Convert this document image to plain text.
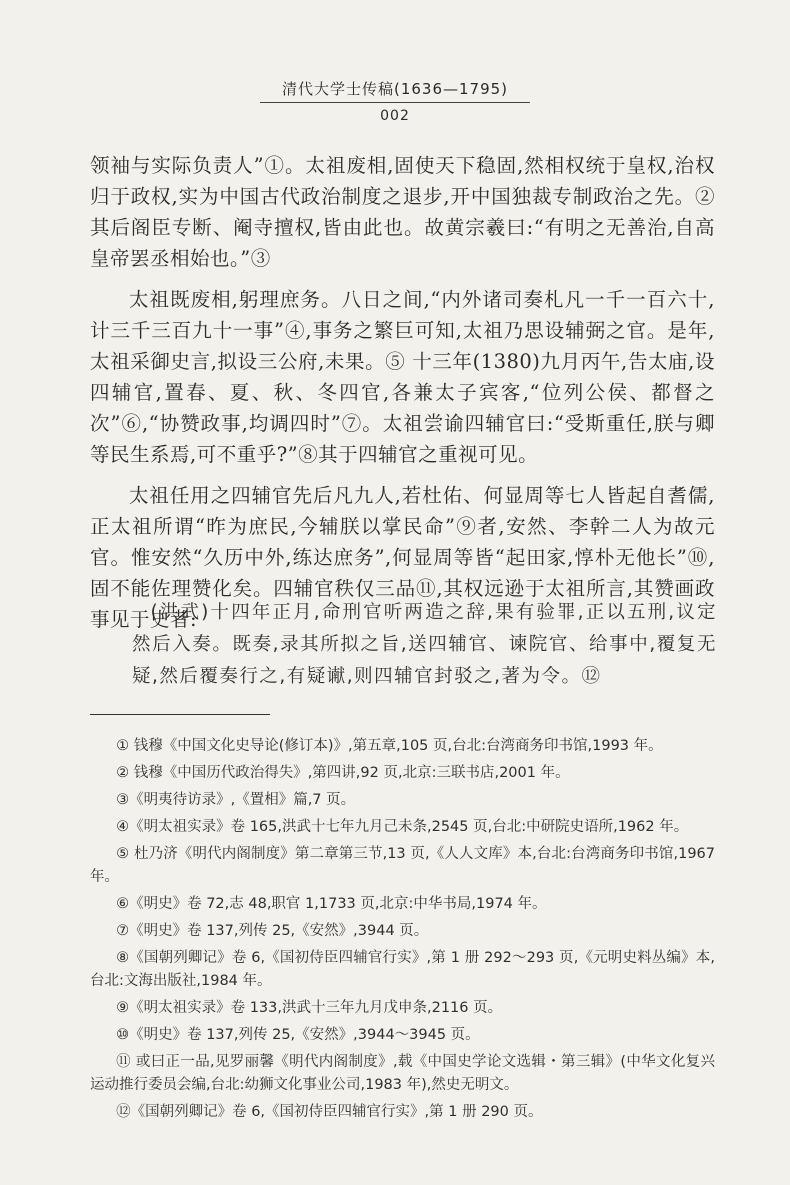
清代大学士传稿(1636—1795)
002

领袖与实际负责人”①。太祖废相,固使天下稳固,然相权统于皇权,治权归于政权,实为中国古代政治制度之退步,开中国独裁专制政治之先。② 其后阁臣专断、阉寺擅权,皆由此也。故黄宗羲曰:“有明之无善治,自高皇帝罢丞相始也。”③

太祖既废相,躬理庶务。八日之间,“内外诸司奏札凡一千一百六十,计三千三百九十一事”④,事务之繁巨可知,太祖乃思设辅弼之官。是年,太祖采御史言,拟设三公府,未果。⑤ 十三年(1380)九月丙午,告太庙,设四辅官,置春、夏、秋、冬四官,各兼太子宾客,“位列公侯、都督之次”⑥,“协赞政事,均调四时”⑦。太祖尝谕四辅官曰:“受斯重任,朕与卿等民生系焉,可不重乎?”⑧其于四辅官之重视可见。

太祖任用之四辅官先后凡九人,若杜佑、何显周等七人皆起自耆儒,正太祖所谓“昨为庶民,今辅朕以掌民命”⑨者,安然、李幹二人为故元官。惟安然“久历中外,练达庶务”,何显周等皆“起田家,惇朴无他长”⑩,固不能佐理赞化矣。四辅官秩仅三品⑪,其权远逊于太祖所言,其赞画政事见于史者:

(洪武)十四年正月,命刑官听两造之辞,果有验罪,正以五刑,议定然后入奏。既奏,录其所拟之旨,送四辅官、谏院官、给事中,覆复无疑,然后覆奏行之,有疑谳,则四辅官封驳之,著为令。⑫

① 钱穆《中国文化史导论(修订本)》,第五章,105 页,台北:台湾商务印书馆,1993 年。

② 钱穆《中国历代政治得失》,第四讲,92 页,北京:三联书店,2001 年。

③《明夷待访录》,《置相》篇,7 页。

④《明太祖实录》卷 165,洪武十七年九月己未条,2545 页,台北:中研院史语所,1962 年。

⑤ 杜乃济《明代内阁制度》第二章第三节,13 页,《人人文库》本,台北:台湾商务印书馆,1967 年。

⑥《明史》卷 72,志 48,职官 1,1733 页,北京:中华书局,1974 年。

⑦《明史》卷 137,列传 25,《安然》,3944 页。

⑧《国朝列卿记》卷 6,《国初侍臣四辅官行实》,第 1 册 292～293 页,《元明史料丛编》本,台北:文海出版社,1984 年。

⑨《明太祖实录》卷 133,洪武十三年九月戊申条,2116 页。

⑩《明史》卷 137,列传 25,《安然》,3944～3945 页。

⑪ 或曰正一品,见罗丽馨《明代内阁制度》,载《中国史学论文选辑・第三辑》(中华文化复兴运动推行委员会编,台北:幼狮文化事业公司,1983 年),然史无明文。

⑫《国朝列卿记》卷 6,《国初侍臣四辅官行实》,第 1 册 290 页。
